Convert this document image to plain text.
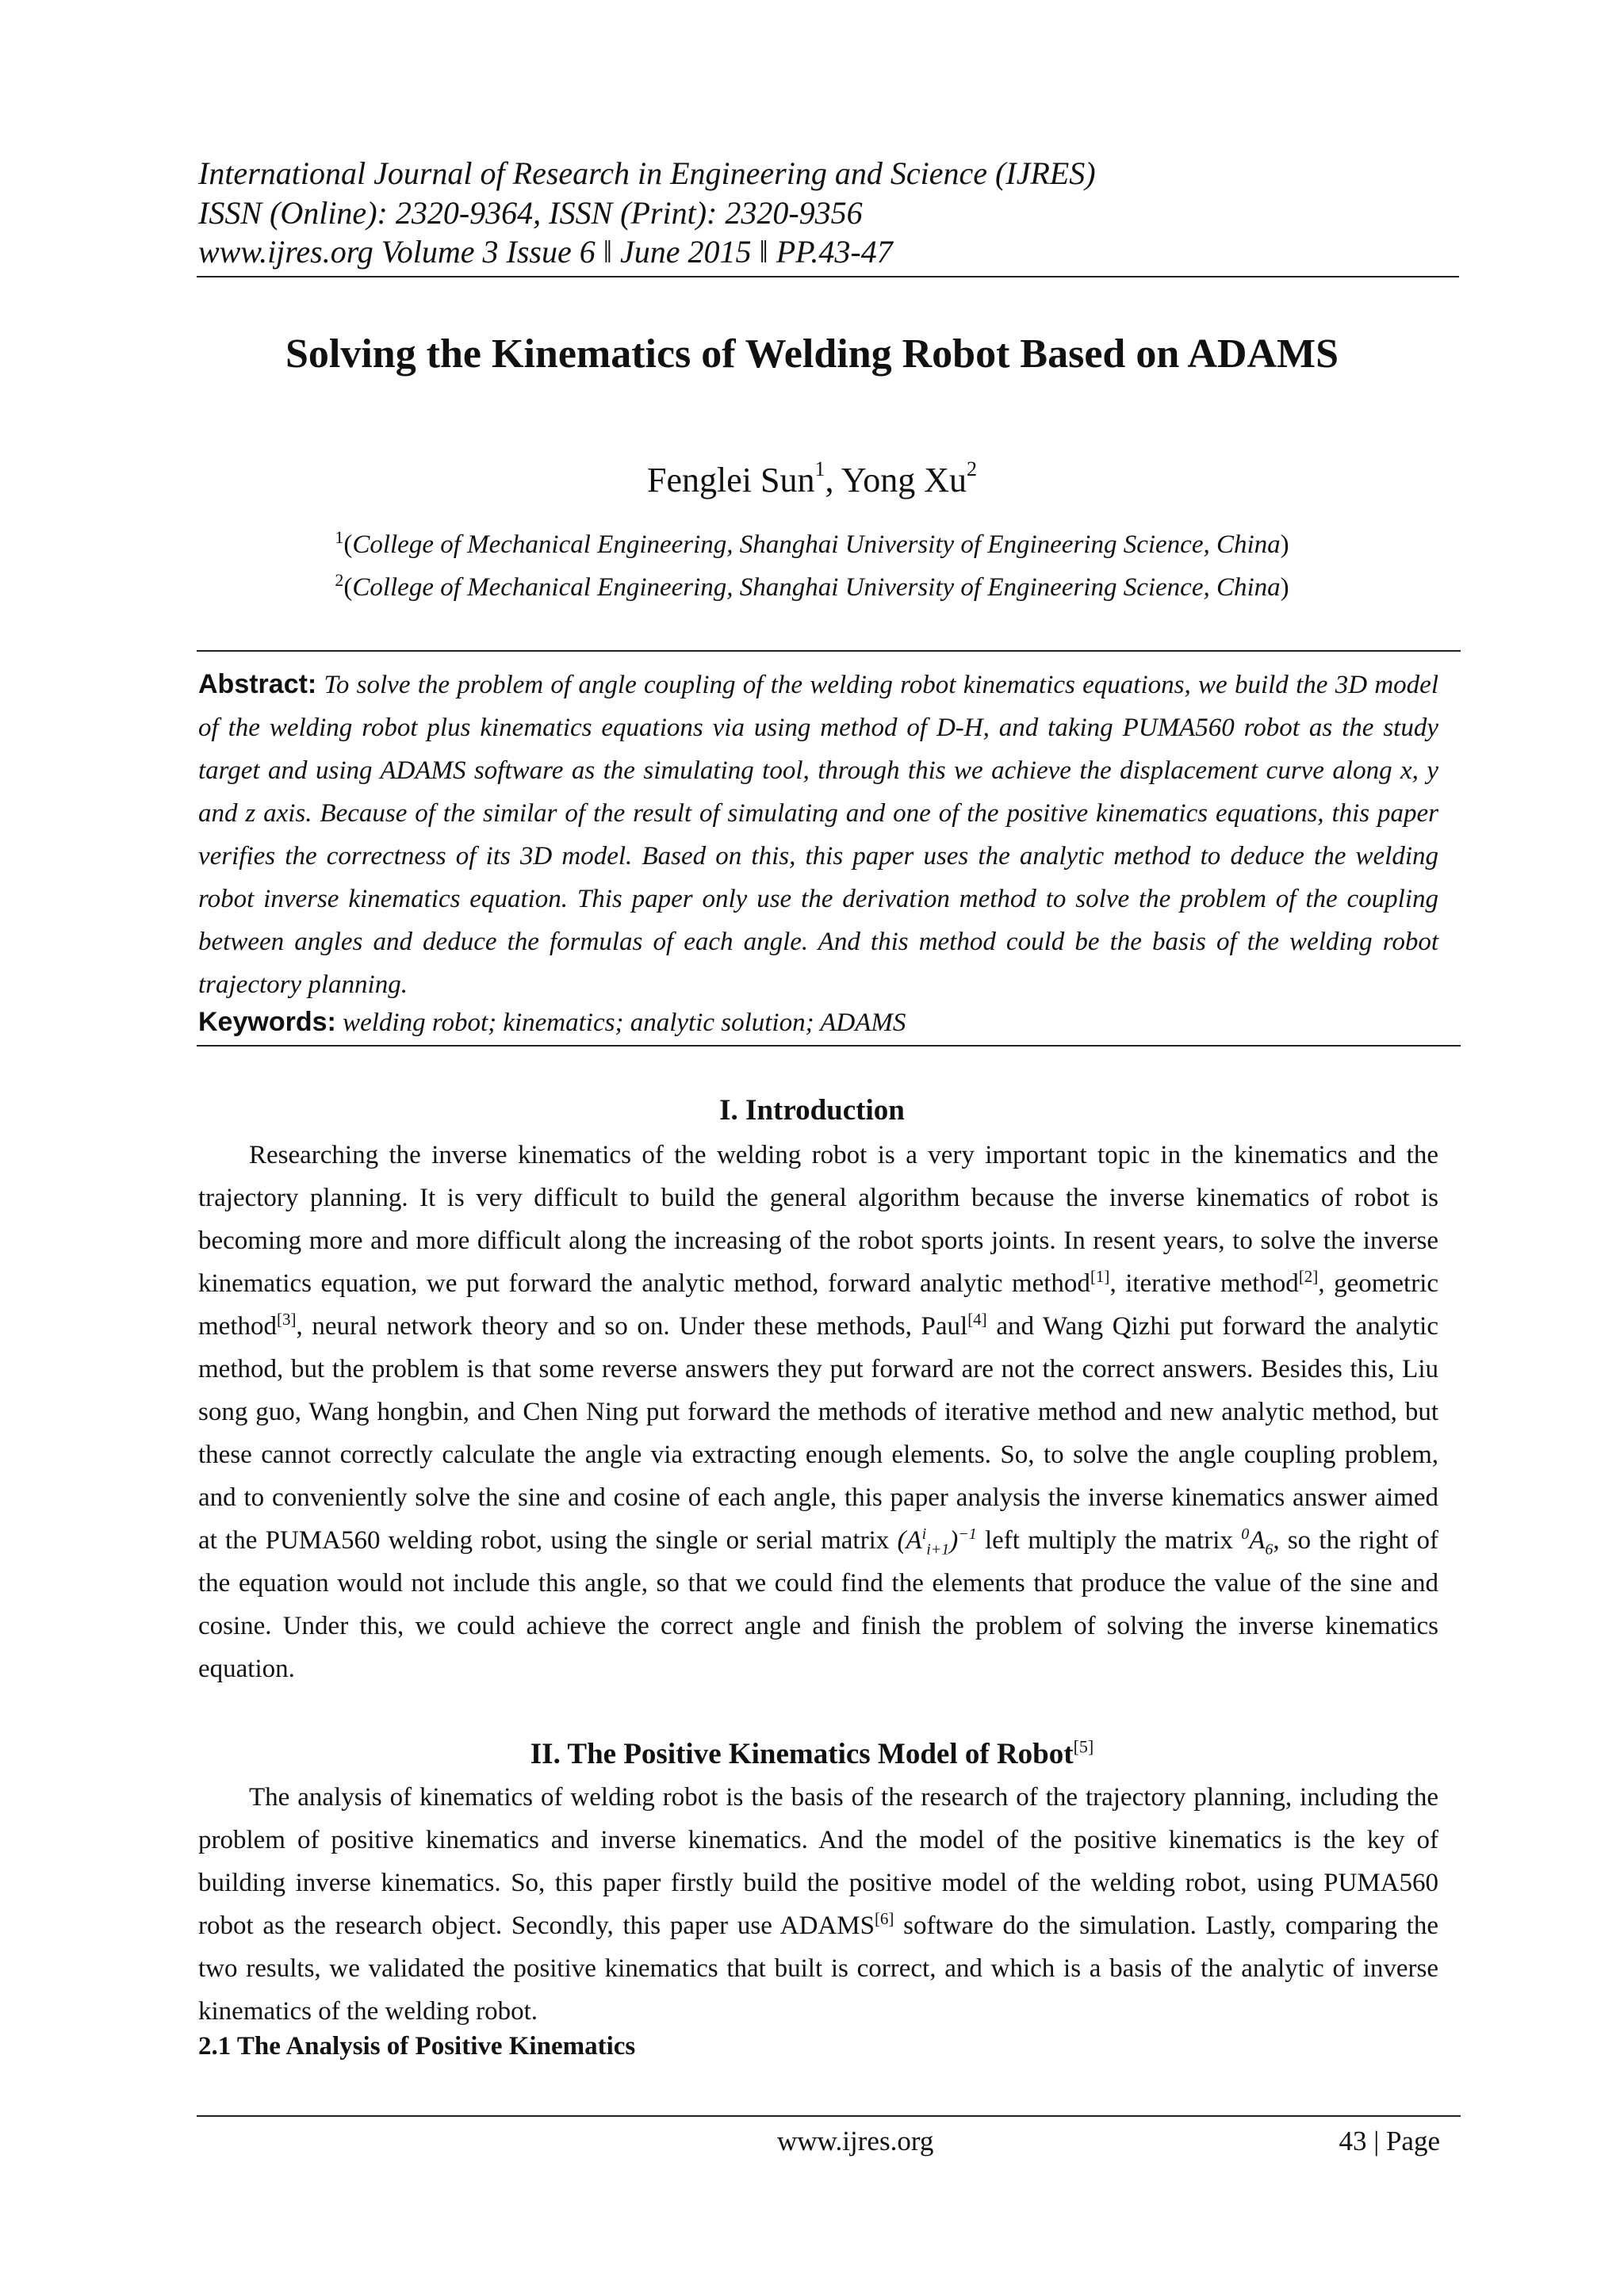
International Journal of Research in Engineering and Science (IJRES)
ISSN (Online): 2320-9364, ISSN (Print): 2320-9356
www.ijres.org Volume 3 Issue 6 ǁ June 2015 ǁ PP.43-47
Solving the Kinematics of Welding Robot Based on ADAMS
Fenglei Sun$^1$, Yong Xu$^2$
$^1$(College of Mechanical Engineering, Shanghai University of Engineering Science, China)
$^2$(College of Mechanical Engineering, Shanghai University of Engineering Science, China)
Abstract: To solve the problem of angle coupling of the welding robot kinematics equations, we build the 3D model of the welding robot plus kinematics equations via using method of D-H, and taking PUMA560 robot as the study target and using ADAMS software as the simulating tool, through this we achieve the displacement curve along x, y and z axis. Because of the similar of the result of simulating and one of the positive kinematics equations, this paper verifies the correctness of its 3D model. Based on this, this paper uses the analytic method to deduce the welding robot inverse kinematics equation. This paper only use the derivation method to solve the problem of the coupling between angles and deduce the formulas of each angle. And this method could be the basis of the welding robot trajectory planning.
Keywords: welding robot; kinematics; analytic solution; ADAMS
I. Introduction
Researching the inverse kinematics of the welding robot is a very important topic in the kinematics and the trajectory planning. It is very difficult to build the general algorithm because the inverse kinematics of robot is becoming more and more difficult along the increasing of the robot sports joints. In resent years, to solve the inverse kinematics equation, we put forward the analytic method, forward analytic method[1], iterative method[2], geometric method[3], neural network theory and so on. Under these methods, Paul[4] and Wang Qizhi put forward the analytic method, but the problem is that some reverse answers they put forward are not the correct answers. Besides this, Liu song guo, Wang hongbin, and Chen Ning put forward the methods of iterative method and new analytic method, but these cannot correctly calculate the angle via extracting enough elements. So, to solve the angle coupling problem, and to conveniently solve the sine and cosine of each angle, this paper analysis the inverse kinematics answer aimed at the PUMA560 welding robot, using the single or serial matrix $(A^i_{i+1})^{-1}$ left multiply the matrix $^0A_6$, so the right of the equation would not include this angle, so that we could find the elements that produce the value of the sine and cosine. Under this, we could achieve the correct angle and finish the problem of solving the inverse kinematics equation.
II. The Positive Kinematics Model of Robot[5]
The analysis of kinematics of welding robot is the basis of the research of the trajectory planning, including the problem of positive kinematics and inverse kinematics. And the model of the positive kinematics is the key of building inverse kinematics. So, this paper firstly build the positive model of the welding robot, using PUMA560 robot as the research object. Secondly, this paper use ADAMS[6] software do the simulation. Lastly, comparing the two results, we validated the positive kinematics that built is correct, and which is a basis of the analytic of inverse kinematics of the welding robot.
2.1 The Analysis of Positive Kinematics
www.ijres.org	43 | Page
